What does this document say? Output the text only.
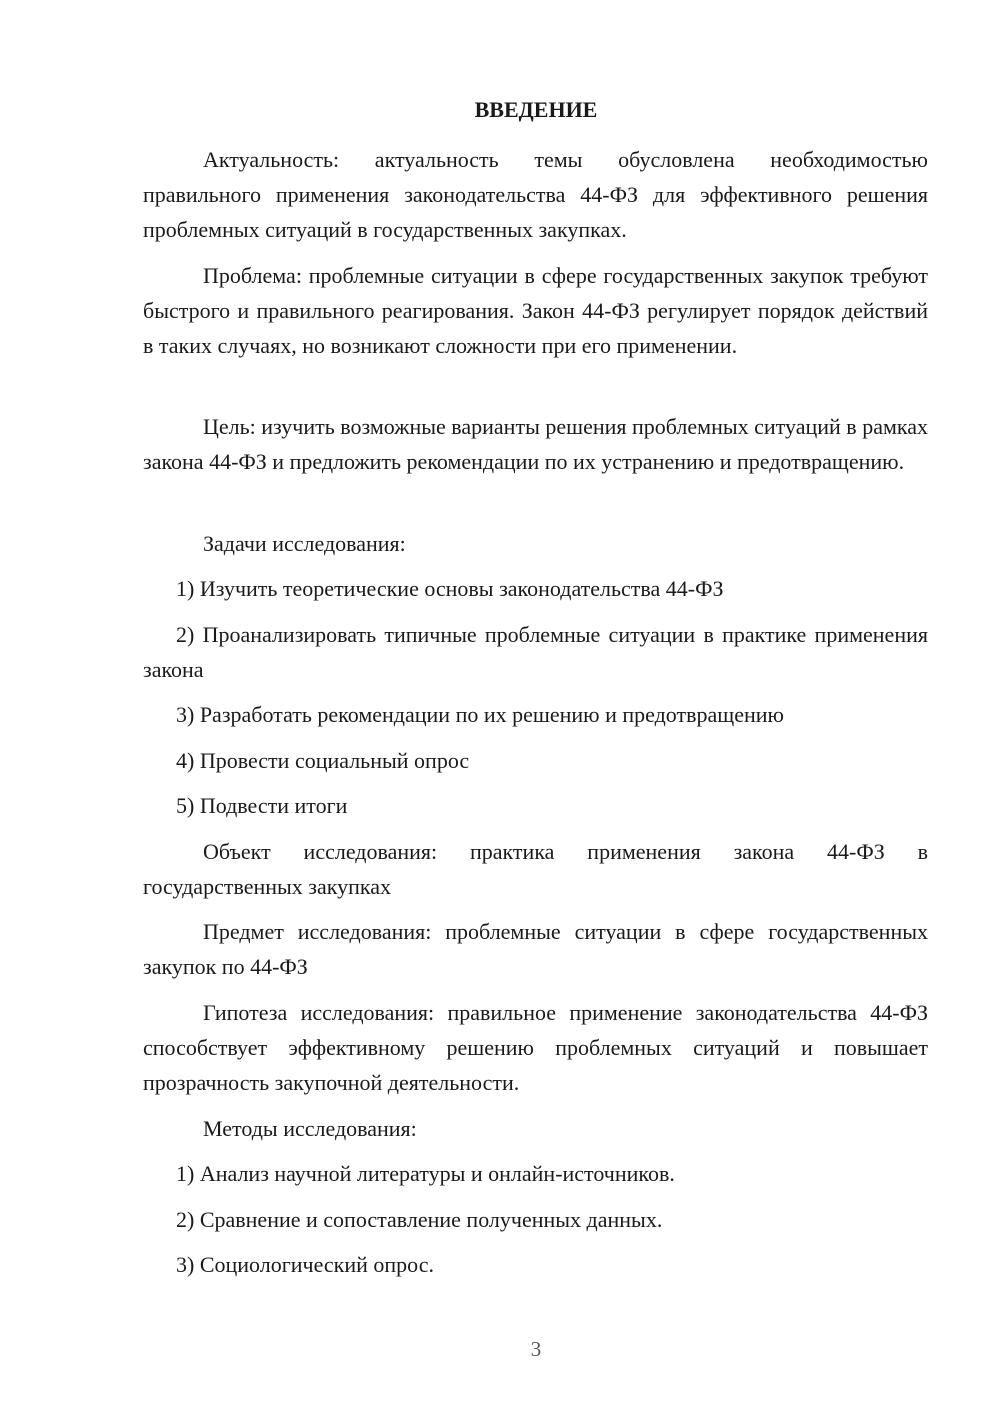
ВВЕДЕНИЕ

Актуальность: актуальность темы обусловлена необходимостью правильного применения законодательства 44-ФЗ для эффективного решения проблемных ситуаций в государственных закупках.

Проблема: проблемные ситуации в сфере государственных закупок требуют быстрого и правильного реагирования. Закон 44-ФЗ регулирует порядок действий в таких случаях, но возникают сложности при его применении.

Цель: изучить возможные варианты решения проблемных ситуаций в рамках закона 44-ФЗ и предложить рекомендации по их устранению и предотвращению.

Задачи исследования:

1) Изучить теоретические основы законодательства 44-ФЗ

2) Проанализировать типичные проблемные ситуации в практике применения закона

3) Разработать рекомендации по их решению и предотвращению

4) Провести социальный опрос

5) Подвести итоги

Объект исследования: практика применения закона 44-ФЗ в государственных закупках

Предмет исследования: проблемные ситуации в сфере государственных закупок по 44-ФЗ

Гипотеза исследования: правильное применение законодательства 44-ФЗ способствует эффективному решению проблемных ситуаций и повышает прозрачность закупочной деятельности.

Методы исследования:

1) Анализ научной литературы и онлайн-источников.

2) Сравнение и сопоставление полученных данных.

3) Социологический опрос.

3
